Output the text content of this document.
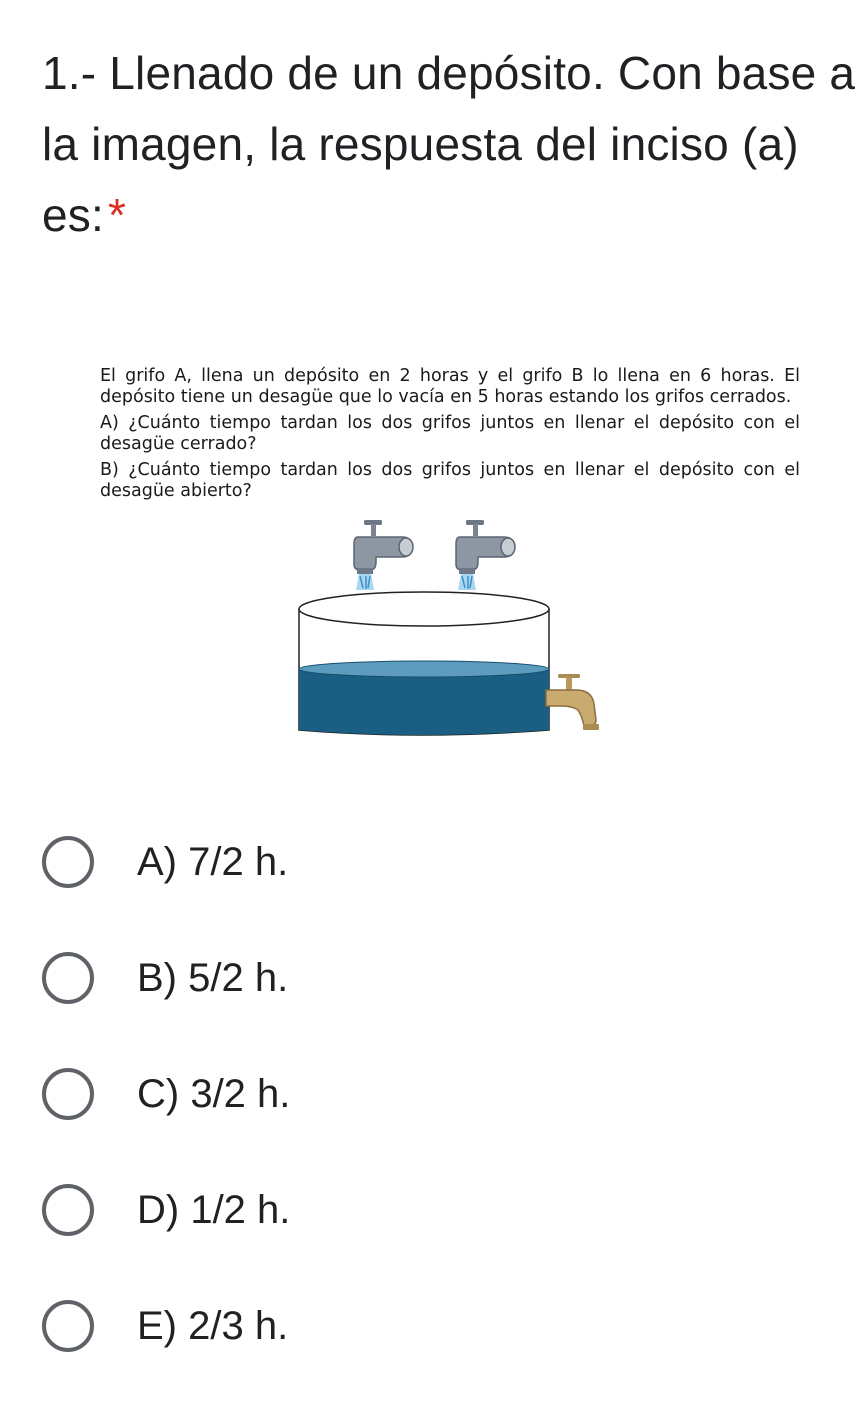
1.- Llenado de un depósito. Con base a la imagen, la respuesta del inciso (a) es:*

El grifo A, llena un depósito en 2 horas y el grifo B lo llena en 6 horas. El depósito tiene un desagüe que lo vacía en 5 horas estando los grifos cerrados.

A) ¿Cuánto tiempo tardan los dos grifos juntos en llenar el depósito con el desagüe cerrado?

B) ¿Cuánto tiempo tardan los dos grifos juntos en llenar el depósito con el desagüe abierto?

A) 7/2 h.
B) 5/2 h.
C) 3/2 h.
D) 1/2 h.
E) 2/3 h.
